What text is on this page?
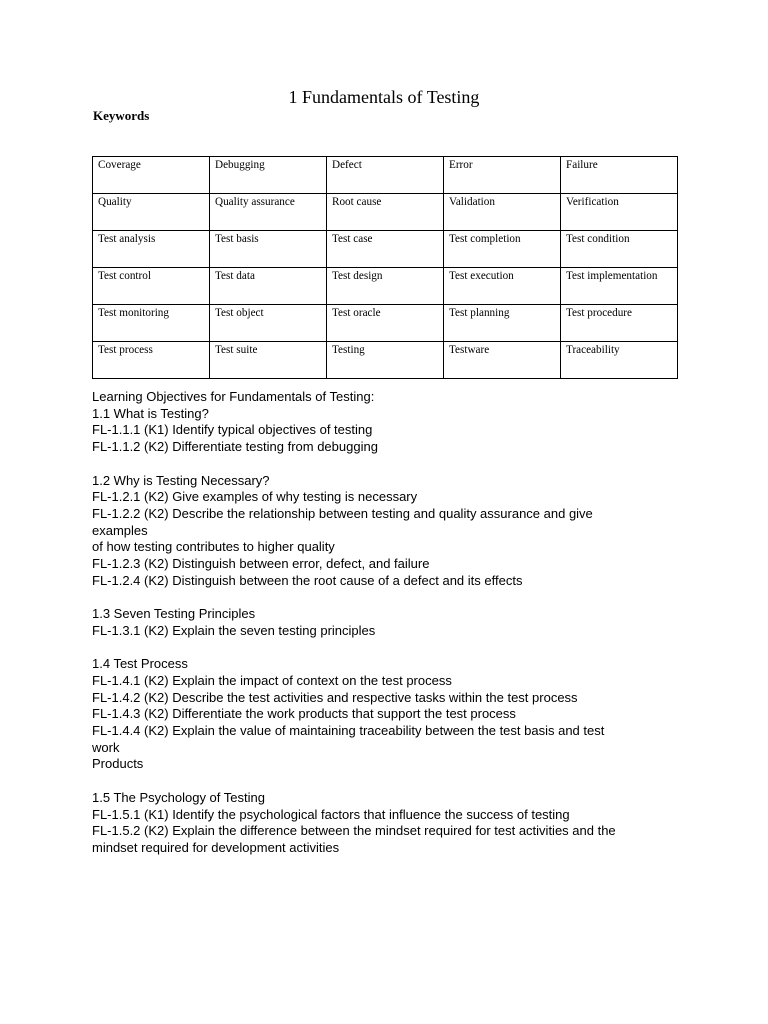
1 Fundamentals of Testing
Keywords
Coverage	Debugging	Defect	Error	Failure
Quality	Quality assurance	Root cause	Validation	Verification
Test analysis	Test basis	Test case	Test completion	Test condition
Test control	Test data	Test design	Test execution	Test implementation
Test monitoring	Test object	Test oracle	Test planning	Test procedure
Test process	Test suite	Testing	Testware	Traceability
Learning Objectives for Fundamentals of Testing:
1.1 What is Testing?
FL-1.1.1 (K1) Identify typical objectives of testing
FL-1.1.2 (K2) Differentiate testing from debugging
1.2 Why is Testing Necessary?
FL-1.2.1 (K2) Give examples of why testing is necessary
FL-1.2.2 (K2) Describe the relationship between testing and quality assurance and give
examples
of how testing contributes to higher quality
FL-1.2.3 (K2) Distinguish between error, defect, and failure
FL-1.2.4 (K2) Distinguish between the root cause of a defect and its effects
1.3 Seven Testing Principles
FL-1.3.1 (K2) Explain the seven testing principles
1.4 Test Process
FL-1.4.1 (K2) Explain the impact of context on the test process
FL-1.4.2 (K2) Describe the test activities and respective tasks within the test process
FL-1.4.3 (K2) Differentiate the work products that support the test process
FL-1.4.4 (K2) Explain the value of maintaining traceability between the test basis and test
work
Products
1.5 The Psychology of Testing
FL-1.5.1 (K1) Identify the psychological factors that influence the success of testing
FL-1.5.2 (K2) Explain the difference between the mindset required for test activities and the
mindset required for development activities
